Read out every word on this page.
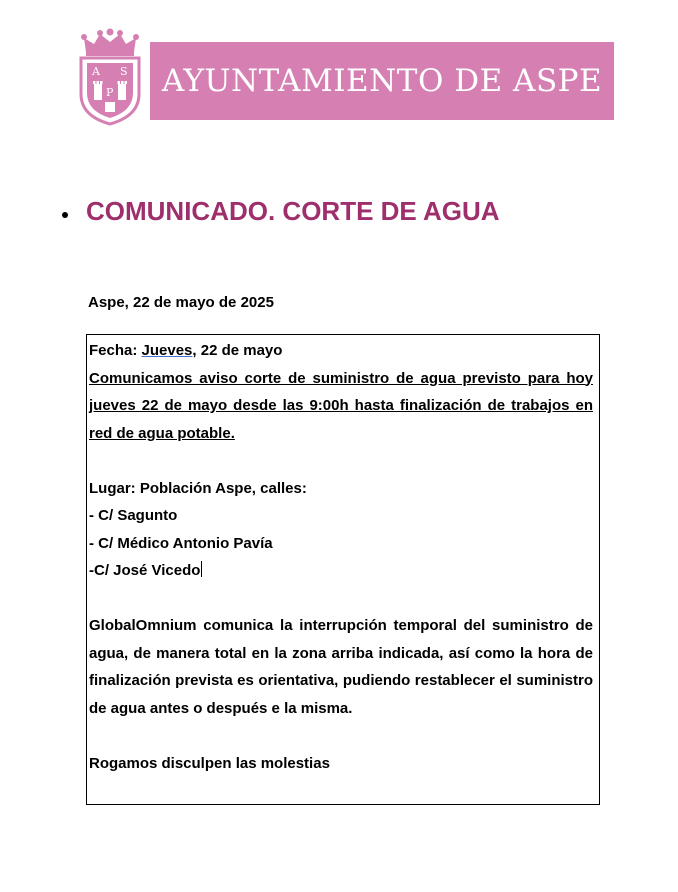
A S
P AYUNTAMIENTO DE ASPE
COMUNICADO. CORTE DE AGUA
Aspe, 22 de mayo de 2025

Fecha: Jueves, 22 de mayo

Comunicamos aviso corte de suministro de agua previsto para hoy jueves 22 de mayo desde las 9:00h hasta finalización de trabajos en red de agua potable.

Lugar: Población Aspe, calles:

- C/ Sagunto

- C/ Médico Antonio Pavía

-C/ José Vicedo

GlobalOmnium comunica la interrupción temporal del suministro de agua, de manera total en la zona arriba indicada, así como la hora de finalización prevista es orientativa, pudiendo restablecer el suministro de agua antes o después e la misma.

Rogamos disculpen las molestias
